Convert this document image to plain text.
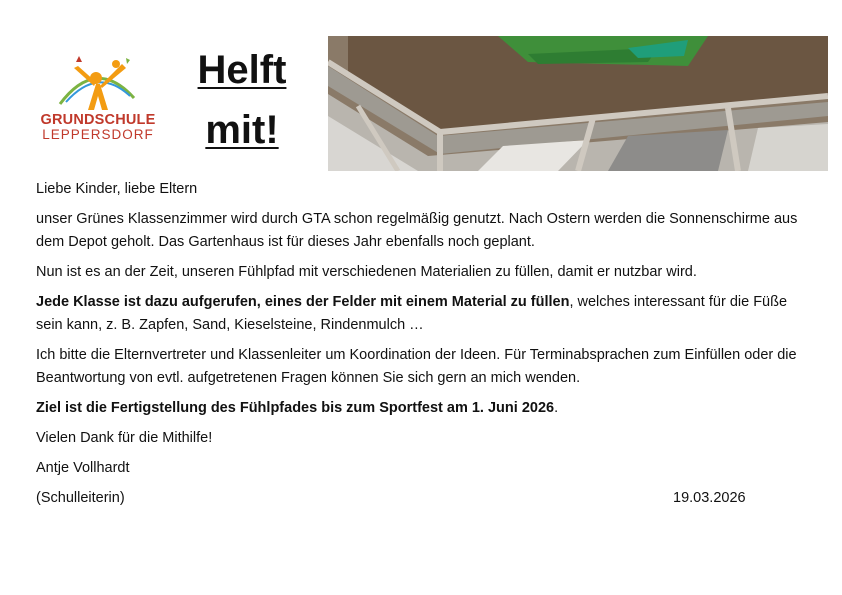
GRUNDSCHULE
LEPPERSDORF
Helft
mit!

Liebe Kinder, liebe Eltern

unser Grünes Klassenzimmer wird durch GTA schon regelmäßig genutzt. Nach Ostern werden die Sonnenschirme aus dem Depot geholt. Das Gartenhaus ist für dieses Jahr ebenfalls noch geplant.

Nun ist es an der Zeit, unseren Fühlpfad mit verschiedenen Materialien zu füllen, damit er nutzbar wird.

Jede Klasse ist dazu aufgerufen, eines der Felder mit einem Material zu füllen, welches interessant für die Füße sein kann, z. B. Zapfen, Sand, Kieselsteine, Rindenmulch …

Ich bitte die Elternvertreter und Klassenleiter um Koordination der Ideen. Für Terminabsprachen zum Einfüllen oder die Beantwortung von evtl. aufgetretenen Fragen können Sie sich gern an mich wenden.

Ziel ist die Fertigstellung des Fühlpfades bis zum Sportfest am 1. Juni 2026.

Vielen Dank für die Mithilfe!

Antje Vollhardt

(Schulleiterin)	19.03.2026
